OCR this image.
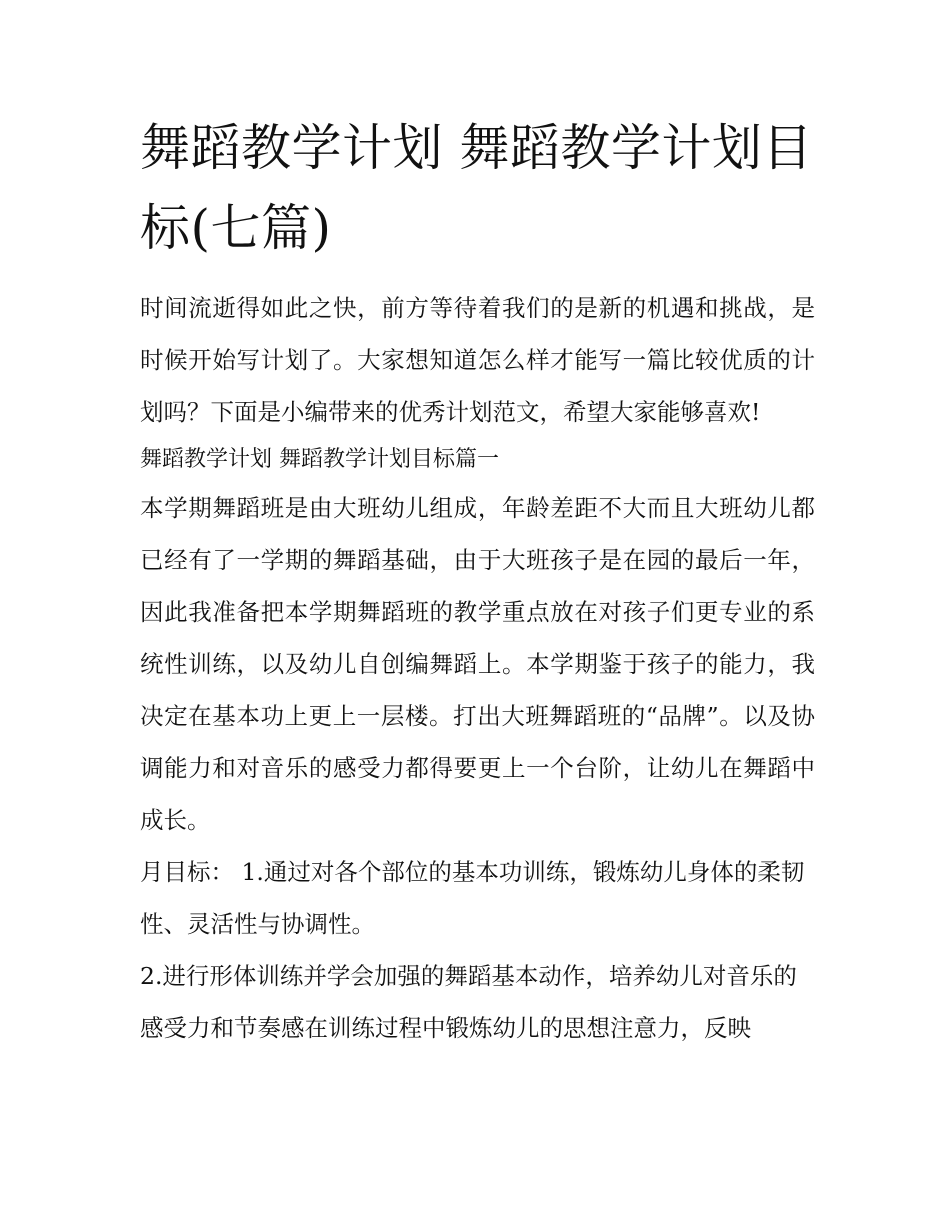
舞蹈教学计划 舞蹈教学计划目标(七篇)

时间流逝得如此之快，前方等待着我们的是新的机遇和挑战，是时候开始写计划了。大家想知道怎么样才能写一篇比较优质的计划吗？下面是小编带来的优秀计划范文，希望大家能够喜欢!

舞蹈教学计划 舞蹈教学计划目标篇一

本学期舞蹈班是由大班幼儿组成，年龄差距不大而且大班幼儿都已经有了一学期的舞蹈基础，由于大班孩子是在园的最后一年，因此我准备把本学期舞蹈班的教学重点放在对孩子们更专业的系统性训练，以及幼儿自创编舞蹈上。本学期鉴于孩子的能力，我决定在基本功上更上一层楼。打出大班舞蹈班的“品牌”。以及协调能力和对音乐的感受力都得要更上一个台阶，让幼儿在舞蹈中成长。

月目标： 1.通过对各个部位的基本功训练，锻炼幼儿身体的柔韧性、灵活性与协调性。

2.进行形体训练并学会加强的舞蹈基本动作，培养幼儿对音乐的感受力和节奏感在训练过程中锻炼幼儿的思想注意力，反映
